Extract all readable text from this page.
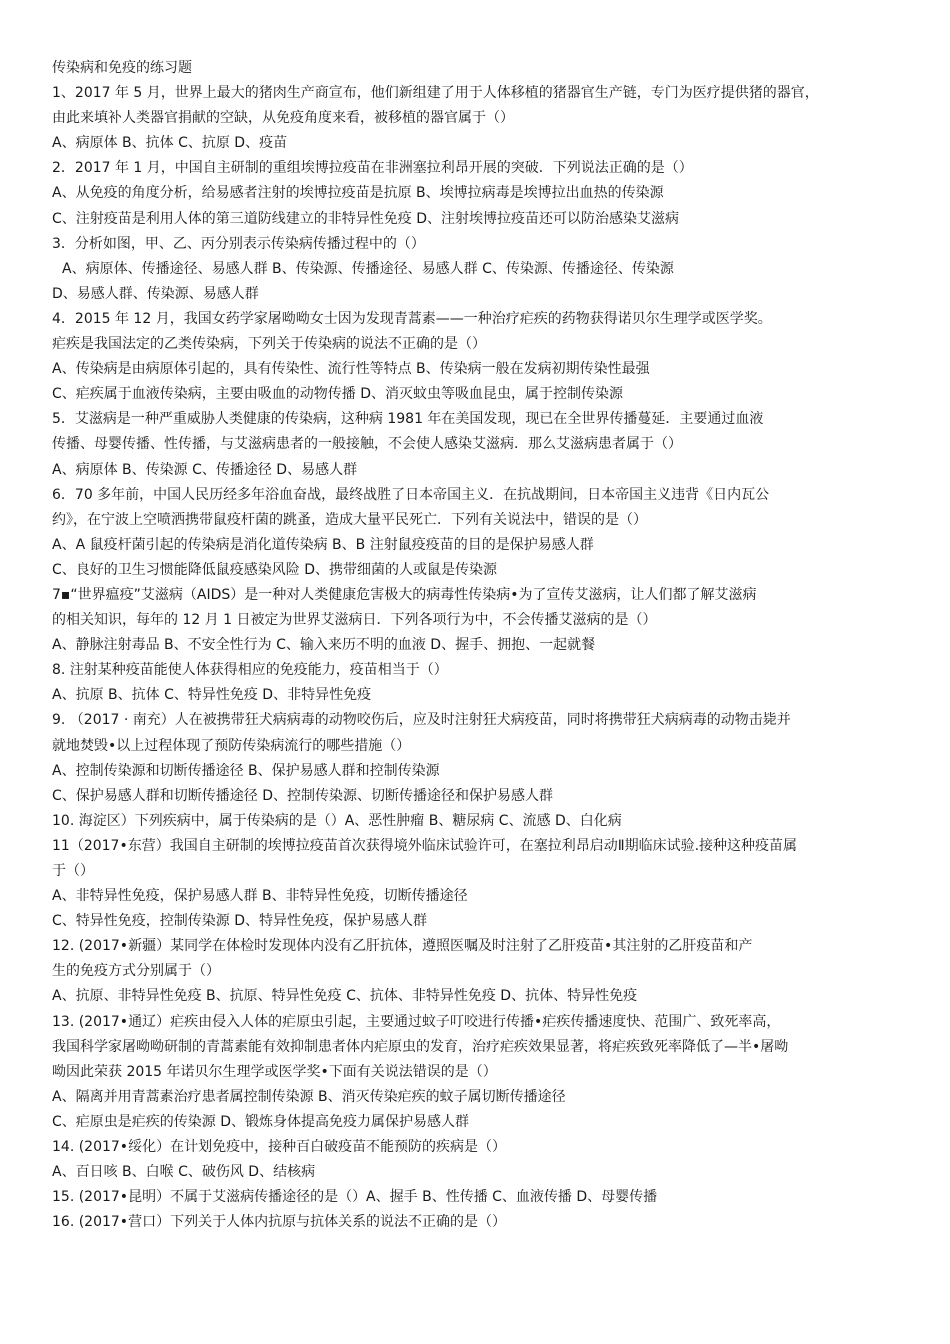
传染病和免疫的练习题
1、2017 年 5 月，世界上最大的猪肉生产商宣布，他们新组建了用于人体移植的猪器官生产链，专门为医疗提供猪的器官，
由此来填补人类器官捐献的空缺，从免疫角度来看，被移植的器官属于（）
A、病原体 B、抗体 C、抗原 D、疫苗
2．2017 年 1 月，中国自主研制的重组埃博拉疫苗在非洲塞拉利昂开展的突破．下列说法正确的是（）
A、从免疫的角度分析，给易感者注射的埃博拉疫苗是抗原 B、埃博拉病毒是埃博拉出血热的传染源
C、注射疫苗是利用人体的第三道防线建立的非特异性免疫 D、注射埃博拉疫苗还可以防治感染艾滋病
3．分析如图，甲、乙、丙分别表示传染病传播过程中的（）
A、病原体、传播途径、易感人群 B、传染源、传播途径、易感人群 C、传染源、传播途径、传染源
D、易感人群、传染源、易感人群
4．2015 年 12 月，我国女药学家屠呦呦女士因为发现青蒿素——一种治疗疟疾的药物获得诺贝尔生理学或医学奖。
疟疾是我国法定的乙类传染病，下列关于传染病的说法不正确的是（）
A、传染病是由病原体引起的，具有传染性、流行性等特点 B、传染病一般在发病初期传染性最强
C、疟疾属于血液传染病，主要由吸血的动物传播 D、消灭蚊虫等吸血昆虫，属于控制传染源
5．艾滋病是一种严重威胁人类健康的传染病，这种病 1981 年在美国发现，现已在全世界传播蔓延．主要通过血液
传播、母婴传播、性传播，与艾滋病患者的一般接触，不会使人感染艾滋病．那么艾滋病患者属于（）
A、病原体 B、传染源 C、传播途径 D、易感人群
6．70 多年前，中国人民历经多年浴血奋战，最终战胜了日本帝国主义．在抗战期间，日本帝国主义违背《日内瓦公
约》，在宁波上空喷洒携带鼠疫杆菌的跳蚤，造成大量平民死亡．下列有关说法中，错误的是（）
A、A 鼠疫杆菌引起的传染病是消化道传染病 B、B 注射鼠疫疫苗的目的是保护易感人群
C、良好的卫生习惯能降低鼠疫感染风险 D、携带细菌的人或鼠是传染源
7▪“世界瘟疫”艾滋病（AIDS）是一种对人类健康危害极大的病毒性传染病•为了宣传艾滋病，让人们都了解艾滋病
的相关知识，每年的 12 月 1 日被定为世界艾滋病日．下列各项行为中，不会传播艾滋病的是（）
A、静脉注射毒品 B、不安全性行为 C、输入来历不明的血液 D、握手、拥抱、一起就餐
8. 注射某种疫苗能使人体获得相应的免疫能力，疫苗相当于（）
A、抗原 B、抗体 C、特异性免疫 D、非特异性免疫
9. （2017 · 南充）人在被携带狂犬病病毒的动物咬伤后，应及时注射狂犬病疫苗，同时将携带狂犬病病毒的动物击毙并
就地焚毁•以上过程体现了预防传染病流行的哪些措施（）
A、控制传染源和切断传播途径 B、保护易感人群和控制传染源
C、保护易感人群和切断传播途径 D、控制传染源、切断传播途径和保护易感人群
10. 海淀区）下列疾病中，属于传染病的是（）A、恶性肿瘤 B、糖尿病 C、流感 D、白化病
11（2017•东营）我国自主研制的埃博拉疫苗首次获得境外临床试验许可，在塞拉利昂启动Ⅱ期临床试验.接种这种疫苗属
于（）
A、非特异性免疫，保护易感人群 B、非特异性免疫，切断传播途径
C、特异性免疫，控制传染源 D、特异性免疫，保护易感人群
12. (2017•新疆）某同学在体检时发现体内没有乙肝抗体，遵照医嘱及时注射了乙肝疫苗•其注射的乙肝疫苗和产
生的免疫方式分别属于（）
A、抗原、非特异性免疫 B、抗原、特异性免疫 C、抗体、非特异性免疫 D、抗体、特异性免疫
13. (2017•通辽）疟疾由侵入人体的疟原虫引起，主要通过蚊子叮咬进行传播•疟疾传播速度快、范围广、致死率高，
我国科学家屠呦呦研制的青蒿素能有效抑制患者体内疟原虫的发育，治疗疟疾效果显著，将疟疾致死率降低了—半•屠呦
呦因此荣获 2015 年诺贝尔生理学或医学奖•下面有关说法错误的是（）
A、隔离并用青蒿素治疗患者属控制传染源 B、消灭传染疟疾的蚊子属切断传播途径
C、疟原虫是疟疾的传染源 D、锻炼身体提高免疫力属保护易感人群
14. (2017•绥化）在计划免疫中，接种百白破疫苗不能预防的疾病是（）
A、百日咳 B、白喉 C、破伤风 D、结核病
15. (2017•昆明）不属于艾滋病传播途径的是（）A、握手 B、性传播 C、血液传播 D、母婴传播
16. (2017•营口）下列关于人体内抗原与抗体关系的说法不正确的是（）
